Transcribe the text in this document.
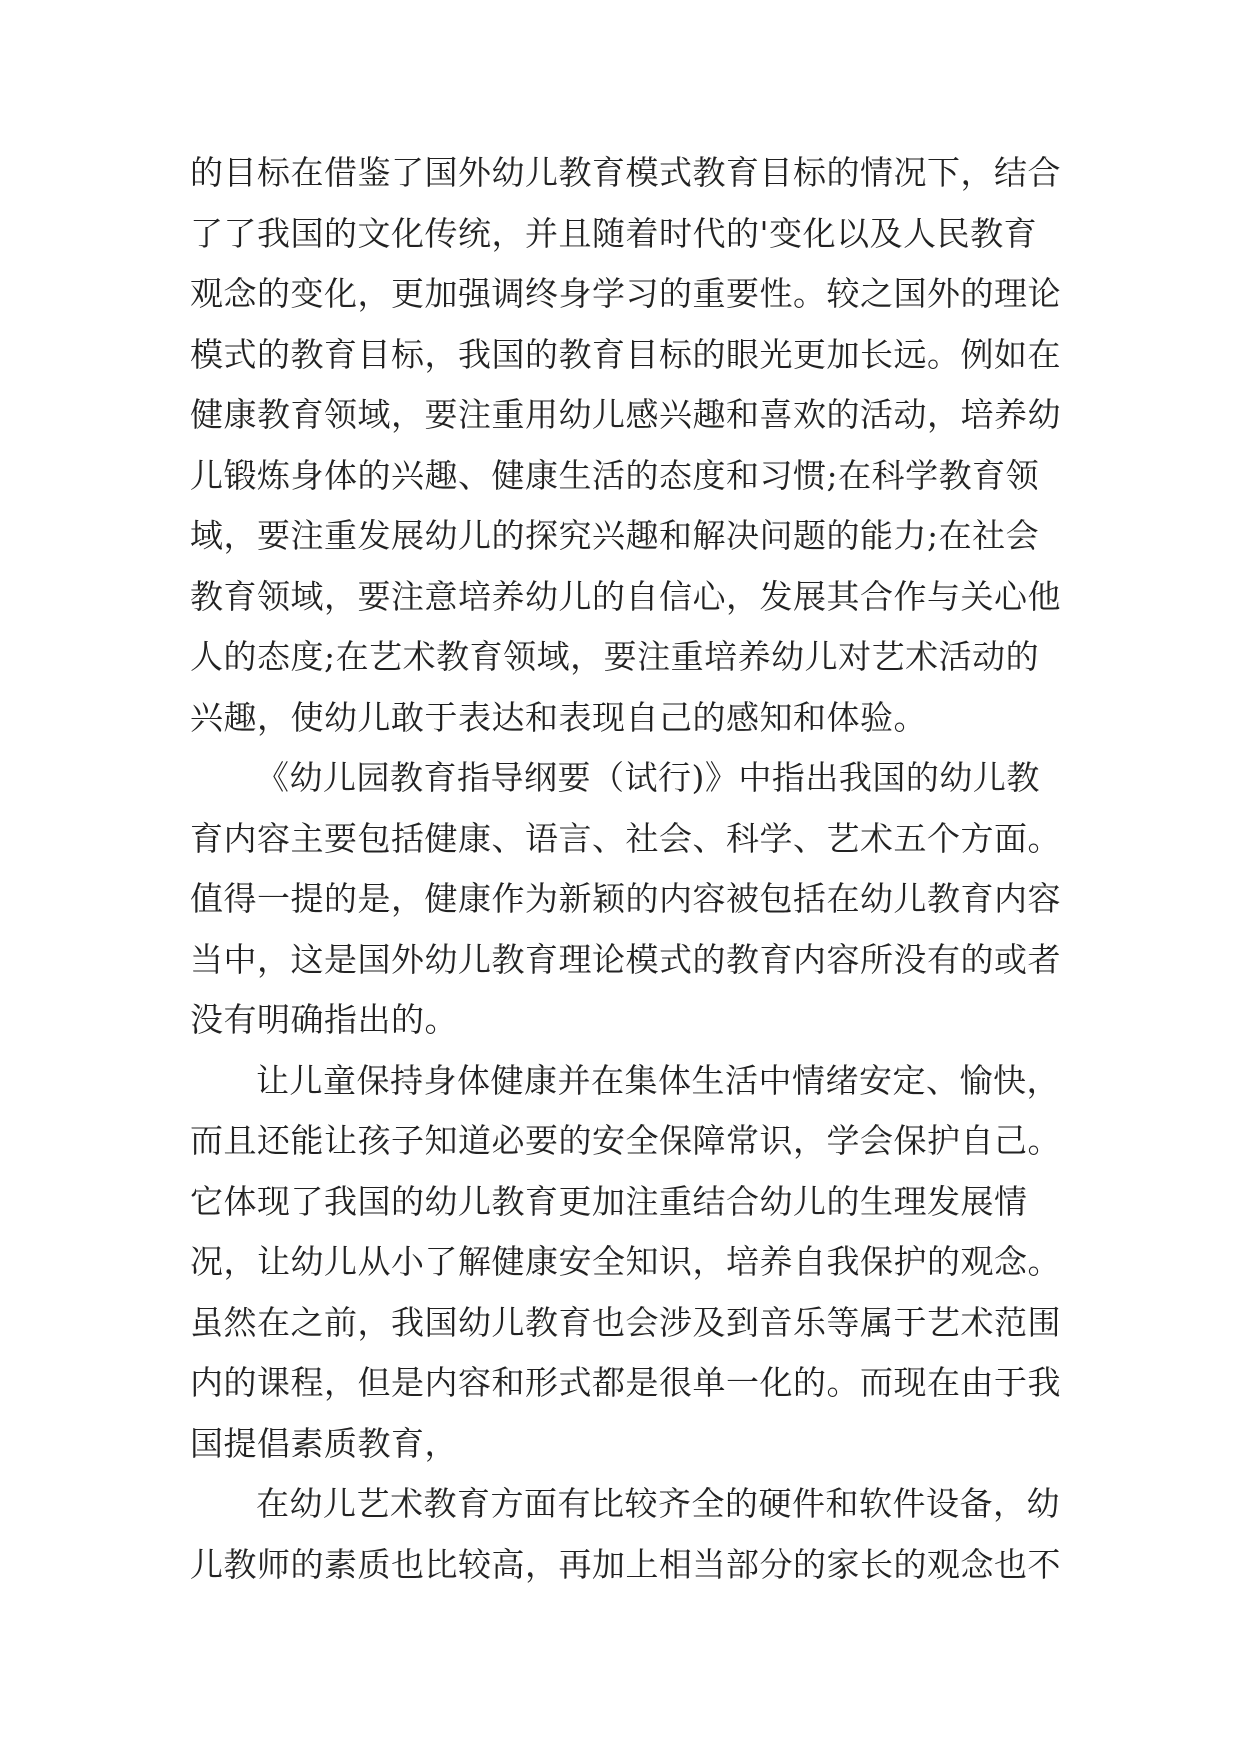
的目标在借鉴了国外幼儿教育模式教育目标的情况下，结合
了了我国的文化传统，并且随着时代的'变化以及人民教育
观念的变化，更加强调终身学习的重要性。较之国外的理论
模式的教育目标，我国的教育目标的眼光更加长远。例如在
健康教育领域，要注重用幼儿感兴趣和喜欢的活动，培养幼
儿锻炼身体的兴趣、健康生活的态度和习惯;在科学教育领
域，要注重发展幼儿的探究兴趣和解决问题的能力;在社会
教育领域，要注意培养幼儿的自信心，发展其合作与关心他
人的态度;在艺术教育领域，要注重培养幼儿对艺术活动的
兴趣，使幼儿敢于表达和表现自己的感知和体验。
《幼儿园教育指导纲要（试行)》中指出我国的幼儿教
育内容主要包括健康、语言、社会、科学、艺术五个方面。
值得一提的是，健康作为新颖的内容被包括在幼儿教育内容
当中，这是国外幼儿教育理论模式的教育内容所没有的或者
没有明确指出的。
让儿童保持身体健康并在集体生活中情绪安定、愉快，
而且还能让孩子知道必要的安全保障常识，学会保护自己。
它体现了我国的幼儿教育更加注重结合幼儿的生理发展情
况，让幼儿从小了解健康安全知识，培养自我保护的观念。
虽然在之前，我国幼儿教育也会涉及到音乐等属于艺术范围
内的课程，但是内容和形式都是很单一化的。而现在由于我
国提倡素质教育，
在幼儿艺术教育方面有比较齐全的硬件和软件设备，幼
儿教师的素质也比较高，再加上相当部分的家长的观念也不
